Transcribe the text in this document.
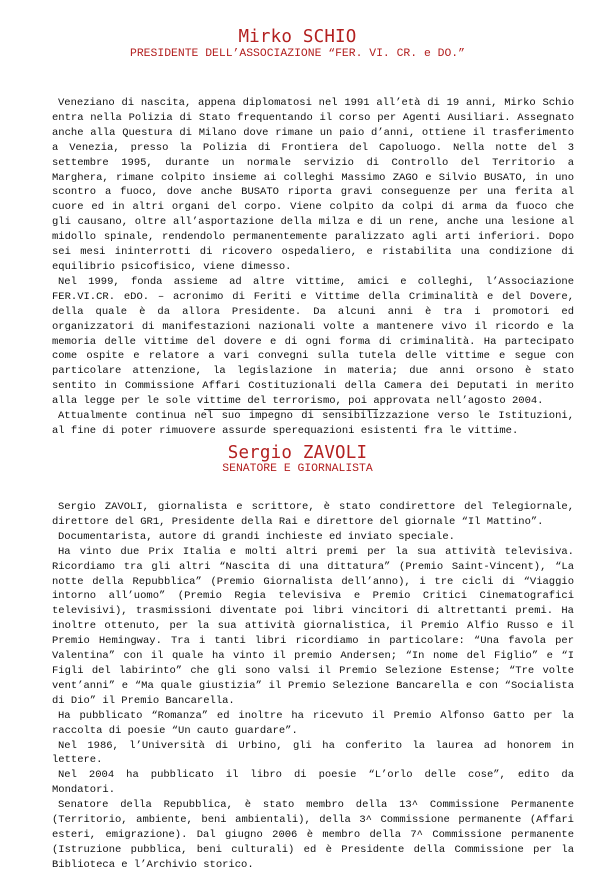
Mirko SCHIO
PRESIDENTE DELL’ASSOCIAZIONE “FER. VI. CR. e DO.”

Veneziano di nascita, appena diplomatosi nel 1991 all’età di 19 anni, Mirko Schio entra nella Polizia di Stato frequentando il corso per Agenti Ausiliari. Assegnato anche alla Questura di Milano dove rimane un paio d’anni, ottiene il trasferimento a Venezia, presso la Polizia di Frontiera del Capoluogo. Nella notte del 3 settembre 1995, durante un normale servizio di Controllo del Territorio a Marghera, rimane colpito insieme ai colleghi Massimo ZAGO e Silvio BUSATO, in uno scontro a fuoco, dove anche BUSATO riporta gravi conseguenze per una ferita al cuore ed in altri organi del corpo. Viene colpito da colpi di arma da fuoco che gli causano, oltre all’asportazione della milza e di un rene, anche una lesione al midollo spinale, rendendolo permanentemente paralizzato agli arti inferiori. Dopo sei mesi ininterrotti di ricovero ospedaliero, e ristabilita una condizione di equilibrio psicofisico, viene dimesso.

Nel 1999, fonda assieme ad altre vittime, amici e colleghi, l’Associazione FER.VI.CR. eDO. – acronimo di Feriti e Vittime della Criminalità e del Dovere, della quale è da allora Presidente. Da alcuni anni è tra i promotori ed organizzatori di manifestazioni nazionali volte a mantenere vivo il ricordo e la memoria delle vittime del dovere e di ogni forma di criminalità. Ha partecipato come ospite e relatore a vari convegni sulla tutela delle vittime e segue con particolare attenzione, la legislazione in materia; due anni orsono è stato sentito in Commissione Affari Costituzionali della Camera dei Deputati in merito alla legge per le sole vittime del terrorismo, poi approvata nell’agosto 2004.

Attualmente continua nel suo impegno di sensibilizzazione verso le Istituzioni, al fine di poter rimuovere assurde sperequazioni esistenti fra le vittime.

Sergio ZAVOLI
SENATORE E GIORNALISTA

Sergio ZAVOLI, giornalista e scrittore, è stato condirettore del Telegiornale, direttore del GR1, Presidente della Rai e direttore del giornale “Il Mattino”.

Documentarista, autore di grandi inchieste ed inviato speciale.

Ha vinto due Prix Italia e molti altri premi per la sua attività televisiva. Ricordiamo tra gli altri “Nascita di una dittatura” (Premio Saint-Vincent), “La notte della Repubblica” (Premio Giornalista dell’anno), i tre cicli di “Viaggio intorno all’uomo” (Premio Regia televisiva e Premio Critici Cinematografici televisivi), trasmissioni diventate poi libri vincitori di altrettanti premi. Ha inoltre ottenuto, per la sua attività giornalistica, il Premio Alfio Russo e il Premio Hemingway. Tra i tanti libri ricordiamo in particolare: “Una favola per Valentina” con il quale ha vinto il premio Andersen; “In nome del Figlio” e “I Figli del labirinto” che gli sono valsi il Premio Selezione Estense; “Tre volte vent’anni” e “Ma quale giustizia” il Premio Selezione Bancarella e con “Socialista di Dio” il Premio Bancarella.

Ha pubblicato “Romanza” ed inoltre ha ricevuto il Premio Alfonso Gatto per la raccolta di poesie “Un cauto guardare”.

Nel 1986, l’Università di Urbino, gli ha conferito la laurea ad honorem in lettere.

Nel 2004 ha pubblicato il libro di poesie “L’orlo delle cose”, edito da Mondatori.

Senatore della Repubblica, è stato membro della 13^ Commissione Permanente (Territorio, ambiente, beni ambientali), della 3^ Commissione permanente (Affari esteri, emigrazione). Dal giugno 2006 è membro della 7^ Commissione permanente (Istruzione pubblica, beni culturali) ed è Presidente della Commissione per la Biblioteca e l’Archivio storico.
